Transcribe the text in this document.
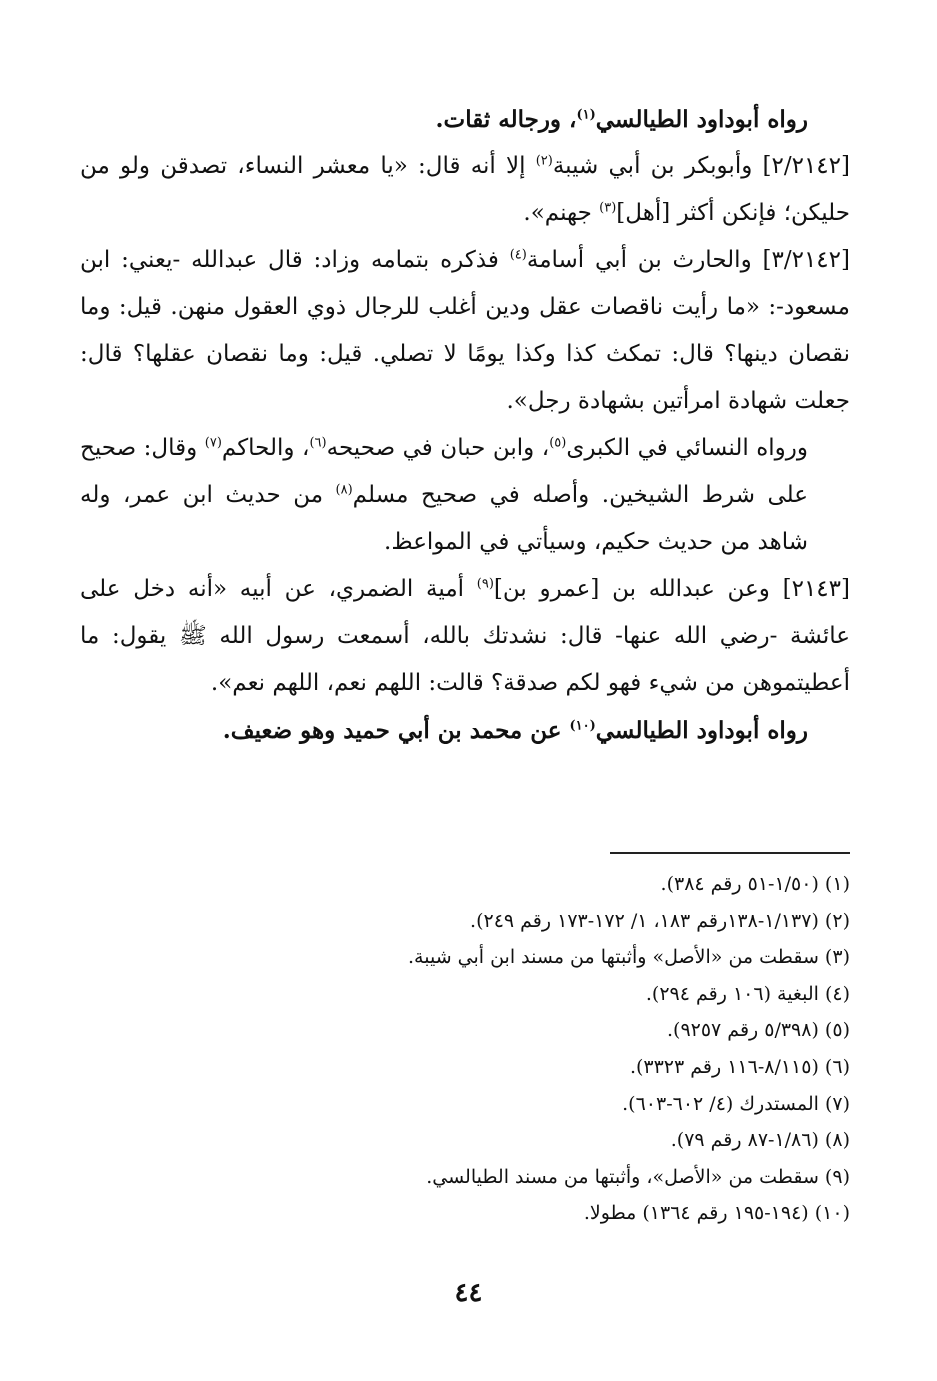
رواه أبوداود الطيالسي$^{(١)}$، ورجاله ثقات.

[٢/٢١٤٢] وأبوبكر بن أبي شيبة$^{(٢)}$ إلا أنه قال: «يا معشر النساء، تصدقن ولو من حليكن؛ فإنكن أكثر [أهل]$^{(٣)}$ جهنم».

[٣/٢١٤٢] والحارث بن أبي أسامة$^{(٤)}$ فذكره بتمامه وزاد: قال عبدالله -يعني: ابن مسعود-: «ما رأيت ناقصات عقل ودين أغلب للرجال ذوي العقول منهن. قيل: وما نقصان دينها؟ قال: تمكث كذا وكذا يومًا لا تصلي. قيل: وما نقصان عقلها؟ قال: جعلت شهادة امرأتين بشهادة رجل».

ورواه النسائي في الكبرى$^{(٥)}$، وابن حبان في صحيحه$^{(٦)}$، والحاكم$^{(٧)}$ وقال: صحيح على شرط الشيخين. وأصله في صحيح مسلم$^{(٨)}$ من حديث ابن عمر، وله شاهد من حديث حكيم، وسيأتي في المواعظ.

[٢١٤٣] وعن عبدالله بن [عمرو بن]$^{(٩)}$ أمية الضمري، عن أبيه «أنه دخل على عائشة -رضي الله عنها- قال: نشدتك بالله، أسمعت رسول الله ﷺ يقول: ما أعطيتموهن من شيء فهو لكم صدقة؟ قالت: اللهم نعم، اللهم نعم».

رواه أبوداود الطيالسي$^{(١٠)}$ عن محمد بن أبي حميد وهو ضعيف.

(١) (١/٥٠-٥١ رقم ٣٨٤).

(٢) (١/١٣٧-١٣٨رقم ١٨٣، ١/ ١٧٢-١٧٣ رقم ٢٤٩).

(٣) سقطت من «الأصل» وأثبتها من مسند ابن أبي شيبة.

(٤) البغية (١٠٦ رقم ٢٩٤).

(٥) (٥/٣٩٨ رقم ٩٢٥٧).

(٦) (٨/١١٥-١١٦ رقم ٣٣٢٣).

(٧) المستدرك (٤/ ٦٠٢-٦٠٣).

(٨) (١/٨٦-٨٧ رقم ٧٩).

(٩) سقطت من «الأصل»، وأثبتها من مسند الطيالسي.

(١٠) (١٩٤-١٩٥ رقم ١٣٦٤) مطولا.

٤٤
